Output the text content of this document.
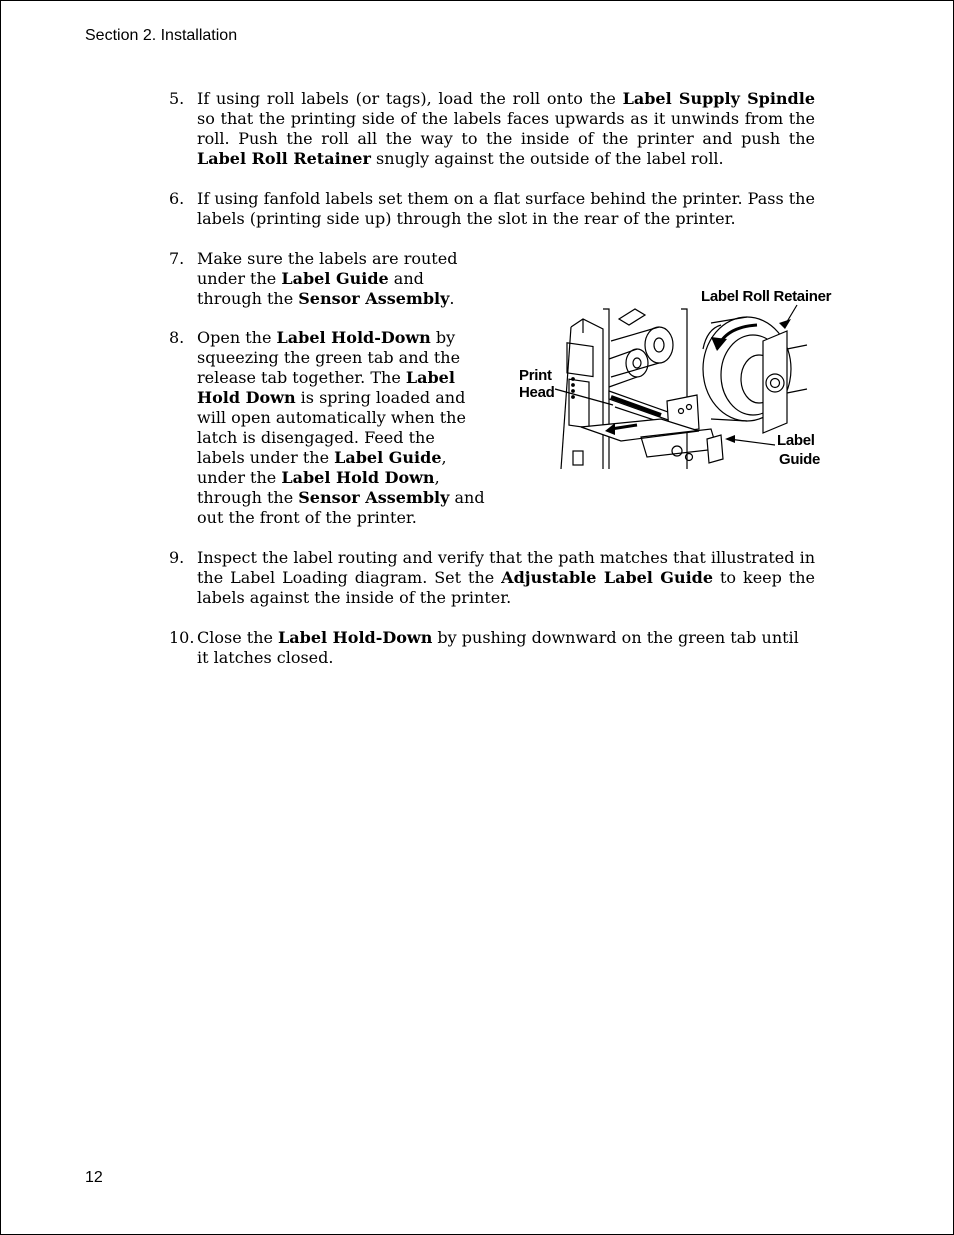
Section 2. Installation
5. If using roll labels (or tags), load the roll onto the Label Supply Spindle so that the printing side of the labels faces upwards as it unwinds from the roll. Push the roll all the way to the inside of the printer and push the Label Roll Retainer snugly against the outside of the label roll.
6. If using fanfold labels set them on a flat surface behind the printer. Pass the labels (printing side up) through the slot in the rear of the printer.
7. Make sure the labels are routed under the Label Guide and through the Sensor Assembly.
8. Open the Label Hold-Down by squeezing the green tab and the release tab together. The Label Hold Down is spring loaded and will open automatically when the latch is disengaged. Feed the labels under the Label Guide, under the Label Hold Down, through the Sensor Assembly and out the front of the printer.
9. Inspect the label routing and verify that the path matches that illustrated in the Label Loading diagram. Set the Adjustable Label Guide to keep the labels against the inside of the printer.
10. Close the Label Hold-Down by pushing downward on the green tab until it latches closed.
Label Roll Retainer
Print
Head
Label
Guide
12
